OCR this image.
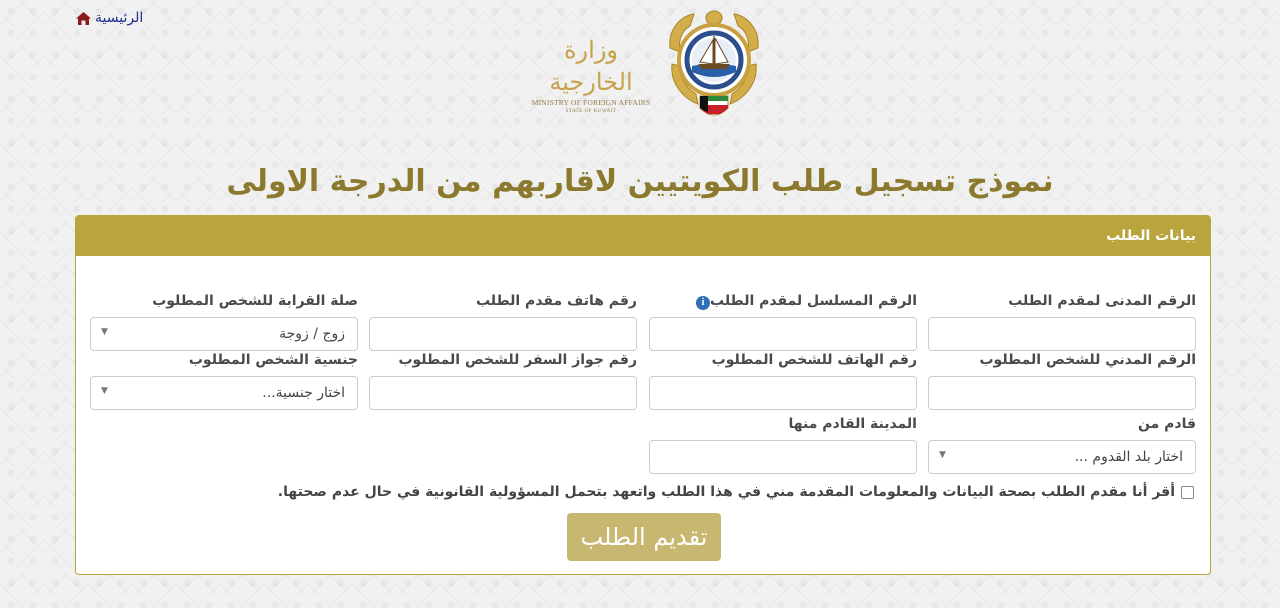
الرئيسية
وزارة الخارجية
MINISTRY OF FOREIGN AFFAIRS
STATE OF KUWAIT
نموذج تسجيل طلب الكويتيين لاقاربهم من الدرجة الاولى
بيانات الطلب
الرقم المدنى لمقدم الطلب
الرقم المسلسل لمقدم الطلبi
رقم هاتف مقدم الطلب
صلة القرابة للشخص المطلوب
زوج / زوجة
▼
الرقم المدني للشخص المطلوب
رقم الهاتف للشخص المطلوب
رقم جواز السفر للشخص المطلوب
جنسية الشخص المطلوب
اختار جنسية...
▼
قادم من
المدينة القادم منها
اختار بلد القدوم ...
▼
أقر أنا مقدم الطلب بصحة البيانات والمعلومات المقدمة مني في هذا الطلب واتعهد بتحمل المسؤولية القانونية في حال عدم صحتها.
تقديم الطلب
